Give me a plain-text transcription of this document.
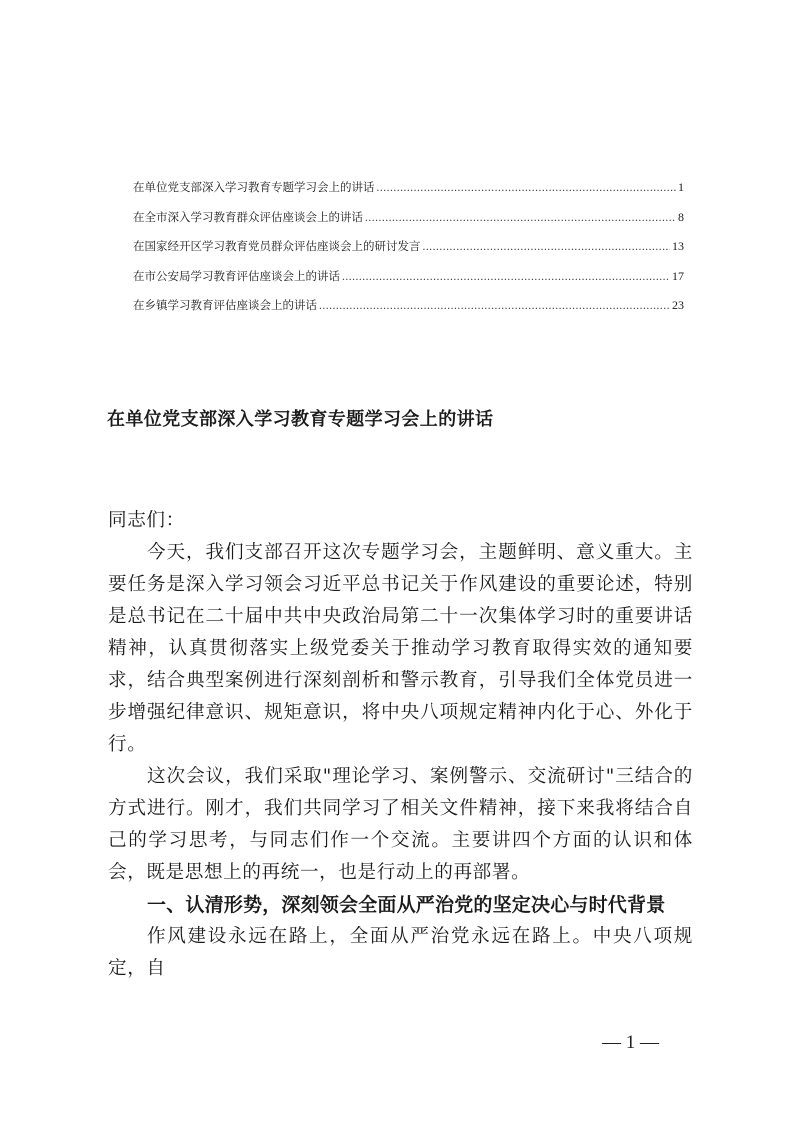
在单位党支部深入学习教育专题学习会上的讲话 .....	1
在全市深入学习教育群众评估座谈会上的讲话 .....	8
在国家经开区学习教育党员群众评估座谈会上的研讨发言 .....	13
在市公安局学习教育评估座谈会上的讲话 .....	17
在乡镇学习教育评估座谈会上的讲话 .....	23
在单位党支部深入学习教育专题学习会上的讲话

同志们：

今天，我们支部召开这次专题学习会，主题鲜明、意义重大。主要任务是深入学习领会习近平总书记关于作风建设的重要论述，特别是总书记在二十届中共中央政治局第二十一次集体学习时的重要讲话精神，认真贯彻落实上级党委关于推动学习教育取得实效的通知要求，结合典型案例进行深刻剖析和警示教育，引导我们全体党员进一步增强纪律意识、规矩意识，将中央八项规定精神内化于心、外化于行。

这次会议，我们采取"理论学习、案例警示、交流研讨"三结合的方式进行。刚才，我们共同学习了相关文件精神，接下来我将结合自己的学习思考，与同志们作一个交流。主要讲四个方面的认识和体会，既是思想上的再统一，也是行动上的再部署。

一、认清形势，深刻领会全面从严治党的坚定决心与时代背景

作风建设永远在路上，全面从严治党永远在路上。中央八项规定，自

— 1 —
